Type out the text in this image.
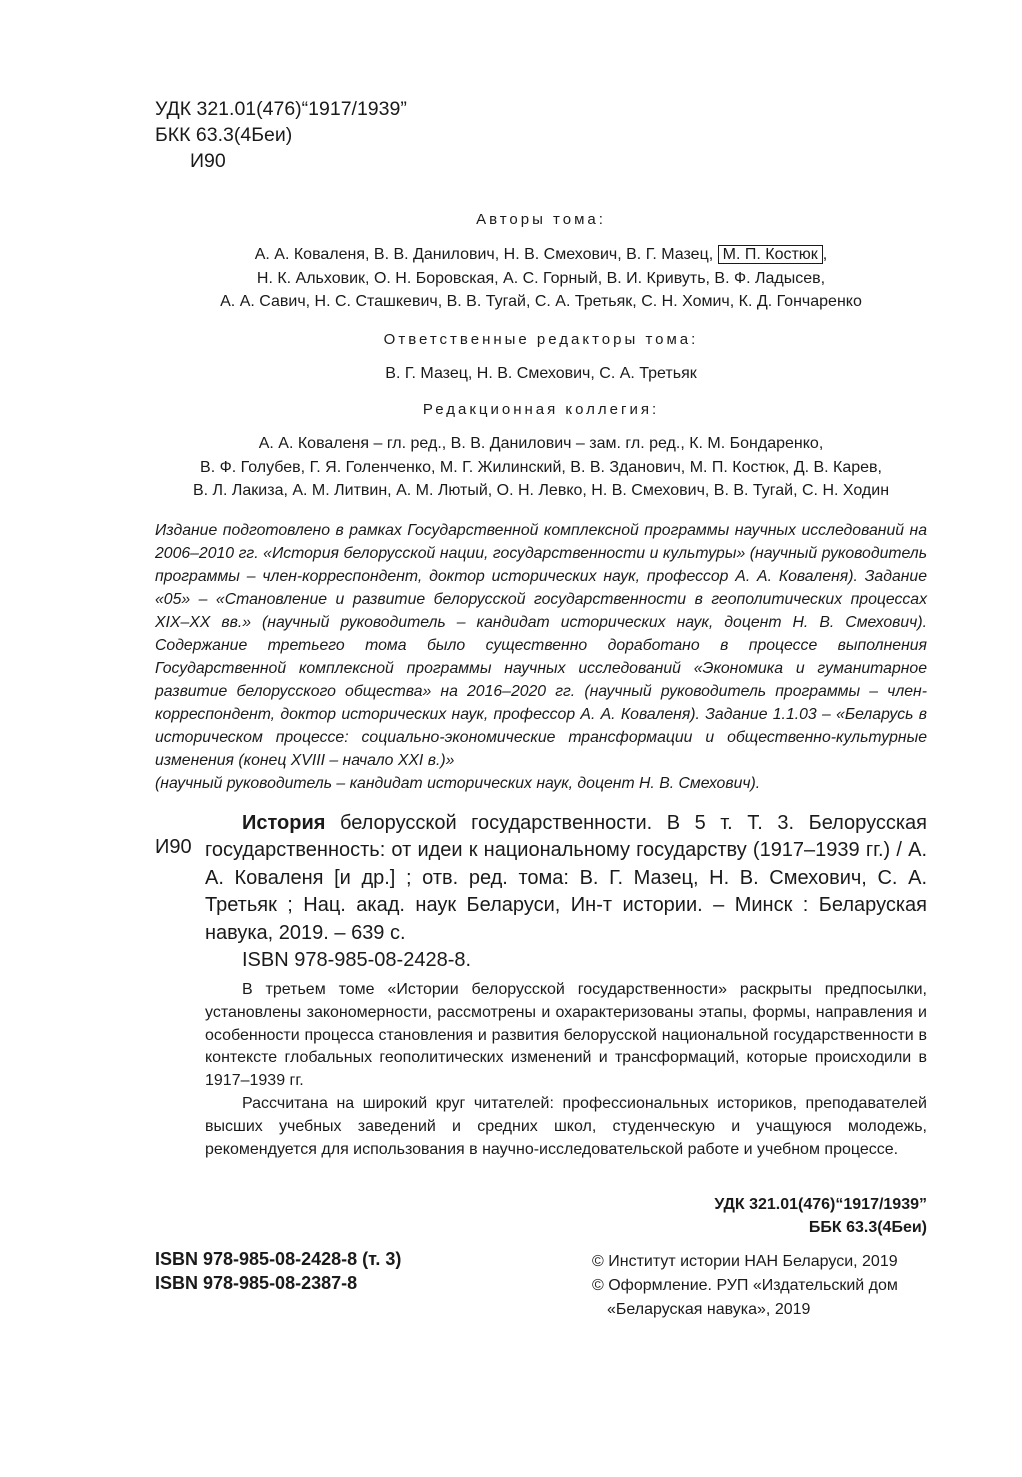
УДК 321.01(476)“1917/1939”
БКК 63.3(4Беи)
И90
Авторы тома:
А. А. Коваленя, В. В. Данилович, Н. В. Смехович, В. Г. Мазец, М. П. Костюк ,
Н. К. Альховик, О. Н. Боровская, А. С. Горный, В. И. Кривуть, В. Ф. Ладысев,
А. А. Савич, Н. С. Сташкевич, В. В. Тугай, С. А. Третьяк, С. Н. Хомич, К. Д. Гончаренко
Ответственные редакторы тома:
В. Г. Мазец, Н. В. Смехович, С. А. Третьяк
Редакционная коллегия:
А. А. Коваленя – гл. ред., В. В. Данилович – зам. гл. ред., К. М. Бондаренко,
В. Ф. Голубев, Г. Я. Голенченко, М. Г. Жилинский, В. В. Зданович, М. П. Костюк, Д. В. Карев,
В. Л. Лакиза, А. М. Литвин, А. М. Лютый, О. Н. Левко, Н. В. Смехович, В. В. Тугай, С. Н. Ходин
Издание подготовлено в рамках Государственной комплексной программы научных исследований на 2006–2010 гг. «История белорусской нации, государственности и культуры» (научный руководитель программы – член-корреспондент, доктор исторических наук, профессор А. А. Коваленя). Задание «05» – «Становление и развитие белорусской государственности в геополитических процессах XIX–XX вв.» (научный руководитель – кандидат исторических наук, доцент Н. В. Смехович). Содержание третьего тома было существенно доработано в процессе выполнения Государственной комплексной программы научных исследований «Экономика и гуманитарное развитие белорусского общества» на 2016–2020 гг. (научный руководитель программы – член-корреспондент, доктор исторических наук, профессор А. А. Коваленя). Задание 1.1.03 – «Беларусь в историческом процессе: социально-экономические трансформации и общественно-культурные изменения (конец XVIII – начало XXI в.)»
(научный руководитель – кандидат исторических наук, доцент Н. В. Смехович).
И90

История белорусской государственности. В 5 т. Т. 3. Белорусская государственность: от идеи к национальному государству (1917–1939 гг.) / А. А. Коваленя [и др.] ; отв. ред. тома: В. Г. Мазец, Н. В. Смехович, С. А. Третьяк ; Нац. акад. наук Беларуси, Ин-т истории. – Минск : Беларуская навука, 2019. – 639 с.

ISBN 978-985-08-2428-8.

В третьем томе «Истории белорусской государственности» раскрыты предпосылки, установлены закономерности, рассмотрены и охарактеризованы этапы, формы, направления и особенности процесса становления и развития белорусской национальной государственности в контексте глобальных геополитических изменений и трансформаций, которые происходили в 1917–1939 гг.

Рассчитана на широкий круг читателей: профессиональных историков, преподавателей высших учебных заведений и средних школ, студенческую и учащуюся молодежь, рекомендуется для использования в научно-исследовательской работе и учебном процессе.

УДК 321.01(476)“1917/1939”
ББК 63.3(4Беи)
ISBN 978-985-08-2428-8 (т. 3)
ISBN 978-985-08-2387-8
© Институт истории НАН Беларуси, 2019
© Оформление. РУП «Издательский дом
«Беларуская навука», 2019
